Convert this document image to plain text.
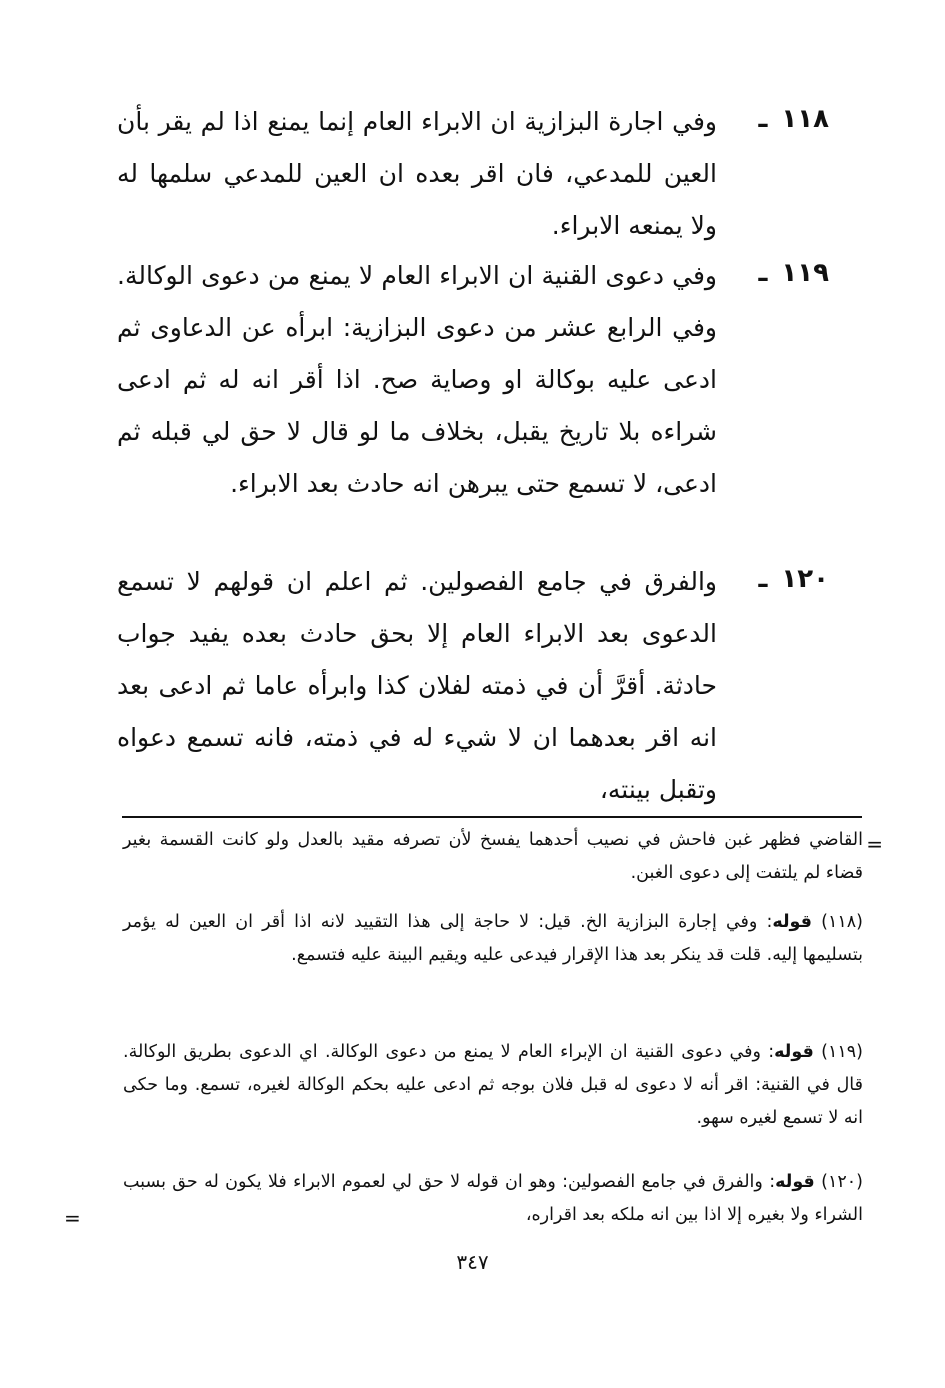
١١٨ـ
وفي اجارة البزازية ان الابراء العام إنما يمنع اذا لم يقر بأن العين للمدعي، فان اقر بعده ان العين للمدعي سلمها له ولا يمنعه الابراء.
١١٩ـ
وفي دعوى القنية ان الابراء العام لا يمنع من دعوى الوكالة. وفي الرابع عشر من دعوى البزازية: ابرأه عن الدعاوى ثم ادعى عليه بوكالة او وصاية صح. اذا أقر انه له ثم ادعى شراءه بلا تاريخ يقبل، بخلاف ما لو قال لا حق لي قبله ثم ادعى، لا تسمع حتى يبرهن انه حادث بعد الابراء.
١٢٠ـ
والفرق في جامع الفصولين. ثم اعلم ان قولهم لا تسمع الدعوى بعد الابراء العام إلا بحق حادث بعده يفيد جواب حادثة. أقرَّ أن في ذمته لفلان كذا وابرأه عاما ثم ادعى بعد انه اقر بعدهما ان لا شيء له في ذمته، فانه تسمع دعواه وتقبل بينته،
=
القاضي فظهر غبن فاحش في نصيب أحدهما يفسخ لأن تصرفه مقيد بالعدل ولو كانت القسمة بغير قضاء لم يلتفت إلى دعوى الغبن.
(١١٨) قوله: وفي إجارة البزازية الخ. قيل: لا حاجة إلى هذا التقييد لانه اذا أقر ان العين له يؤمر بتسليمها إليه. قلت قد ينكر بعد هذا الإقرار فيدعى عليه ويقيم البينة عليه فتسمع.
(١١٩) قوله: وفي دعوى القنية ان الإبراء العام لا يمنع من دعوى الوكالة. اي الدعوى بطريق الوكالة. قال في القنية: اقر أنه لا دعوى له قبل فلان بوجه ثم ادعى عليه بحكم الوكالة لغيره، تسمع. وما حكى انه لا تسمع لغيره سهو.
(١٢٠) قوله: والفرق في جامع الفصولين: وهو ان قوله لا حق لي لعموم الابراء فلا يكون له حق بسبب الشراء ولا بغيره إلا اذا بين انه ملكه بعد اقراره،
=
٣٤٧
